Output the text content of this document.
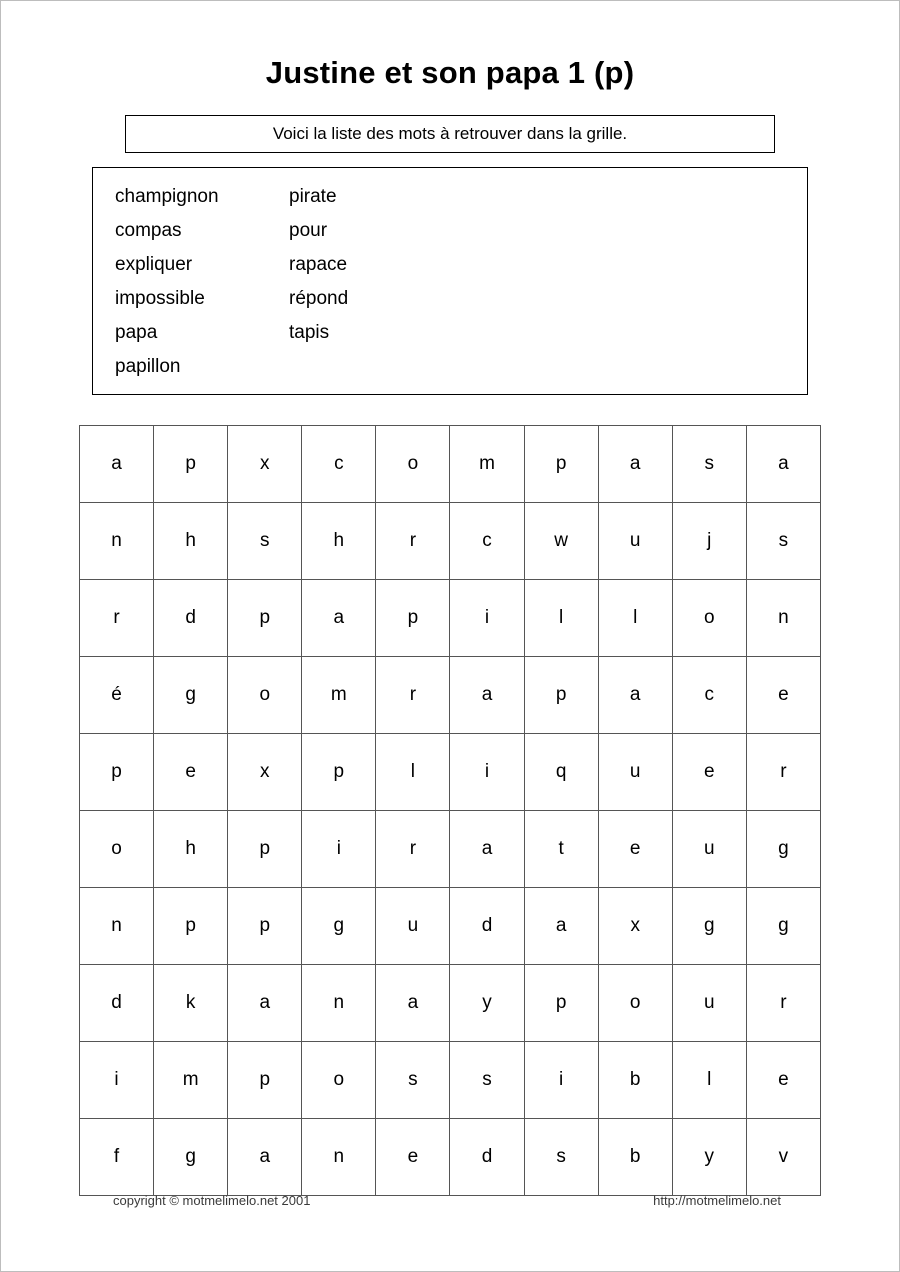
Justine et son papa 1 (p)
Voici la liste des mots à retrouver dans la grille.
champignon
compas
expliquer
impossible
papa
papillon
pirate
pour
rapace
répond
tapis
a	p	x	c	o	m	p	a	s	a
n	h	s	h	r	c	w	u	j	s
r	d	p	a	p	i	l	l	o	n
é	g	o	m	r	a	p	a	c	e
p	e	x	p	l	i	q	u	e	r
o	h	p	i	r	a	t	e	u	g
n	p	p	g	u	d	a	x	g	g
d	k	a	n	a	y	p	o	u	r
i	m	p	o	s	s	i	b	l	e
f	g	a	n	e	d	s	b	y	v
copyright © motmelimelo.net 2001	http://motmelimelo.net
